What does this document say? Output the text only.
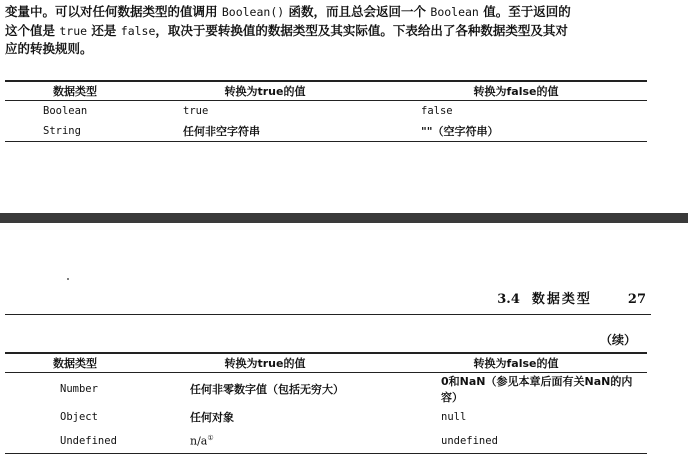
变量中。可以对任何数据类型的值调用 Boolean() 函数，而且总会返回一个 Boolean 值。至于返回的
这个值是 true 还是 false，取决于要转换值的数据类型及其实际值。下表给出了各种数据类型及其对
应的转换规则。

数据类型	转换为true的值	转换为false的值
Boolean	true	false
String	任何非空字符串	""（空字符串）
3.4 数据类型	27
（续）
数据类型	转换为true的值	转换为false的值
Number	任何非零数字值（包括无穷大）	0和NaN（参见本章后面有关NaN的内容）
Object	任何对象	null
Undefined	n/a①	undefined
